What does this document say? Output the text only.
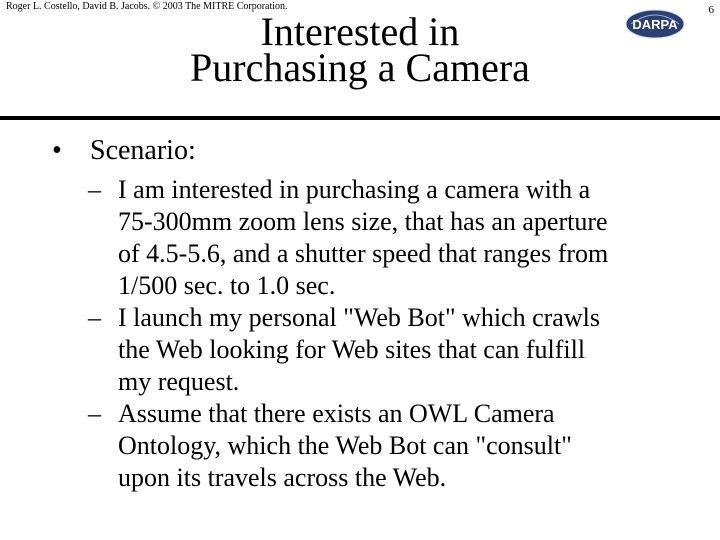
Roger L. Costello, David B. Jacobs. © 2003 The MITRE Corporation.	6
DARPA
Interested in
Purchasing a Camera
•	Scenario:
– I am interested in purchasing a camera with a
75-300mm zoom lens size, that has an aperture
of 4.5-5.6, and a shutter speed that ranges from
1/500 sec. to 1.0 sec.
– I launch my personal "Web Bot" which crawls
the Web looking for Web sites that can fulfill
my request.
– Assume that there exists an OWL Camera
Ontology, which the Web Bot can "consult"
upon its travels across the Web.
